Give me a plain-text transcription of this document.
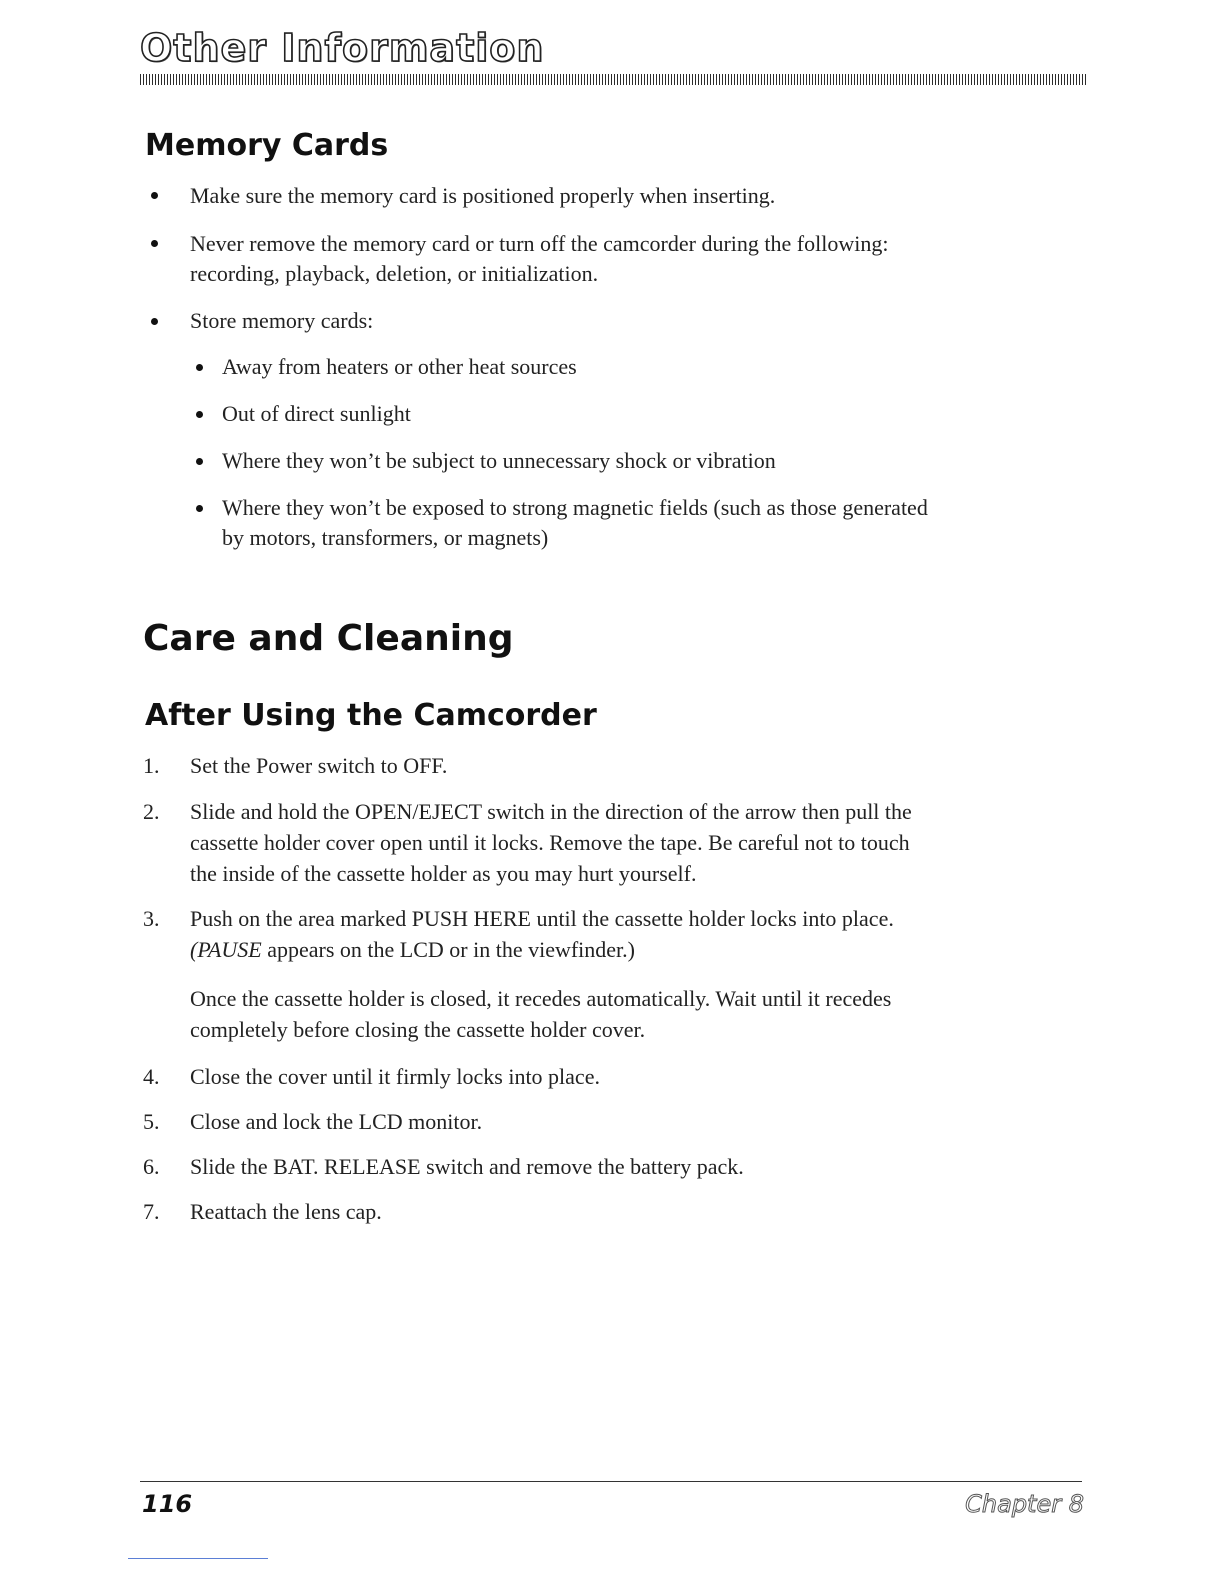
Other Information
Memory Cards
Make sure the memory card is positioned properly when inserting.
Never remove the memory card or turn off the camcorder during the following:
recording, playback, deletion, or initialization.
Store memory cards:
Away from heaters or other heat sources
Out of direct sunlight
Where they won’t be subject to unnecessary shock or vibration
Where they won’t be exposed to strong magnetic fields (such as those generated
by motors, transformers, or magnets)
Care and Cleaning
After Using the Camcorder
1. Set the Power switch to OFF.
2. Slide and hold the OPEN/EJECT switch in the direction of the arrow then pull the
cassette holder cover open until it locks. Remove the tape. Be careful not to touch
the inside of the cassette holder as you may hurt yourself.
3. Push on the area marked PUSH HERE until the cassette holder locks into place.
(PAUSE appears on the LCD or in the viewfinder.)
Once the cassette holder is closed, it recedes automatically. Wait until it recedes
completely before closing the cassette holder cover.
4. Close the cover until it firmly locks into place.
5. Close and lock the LCD monitor.
6. Slide the BAT. RELEASE switch and remove the battery pack.
7. Reattach the lens cap.
116	Chapter 8
